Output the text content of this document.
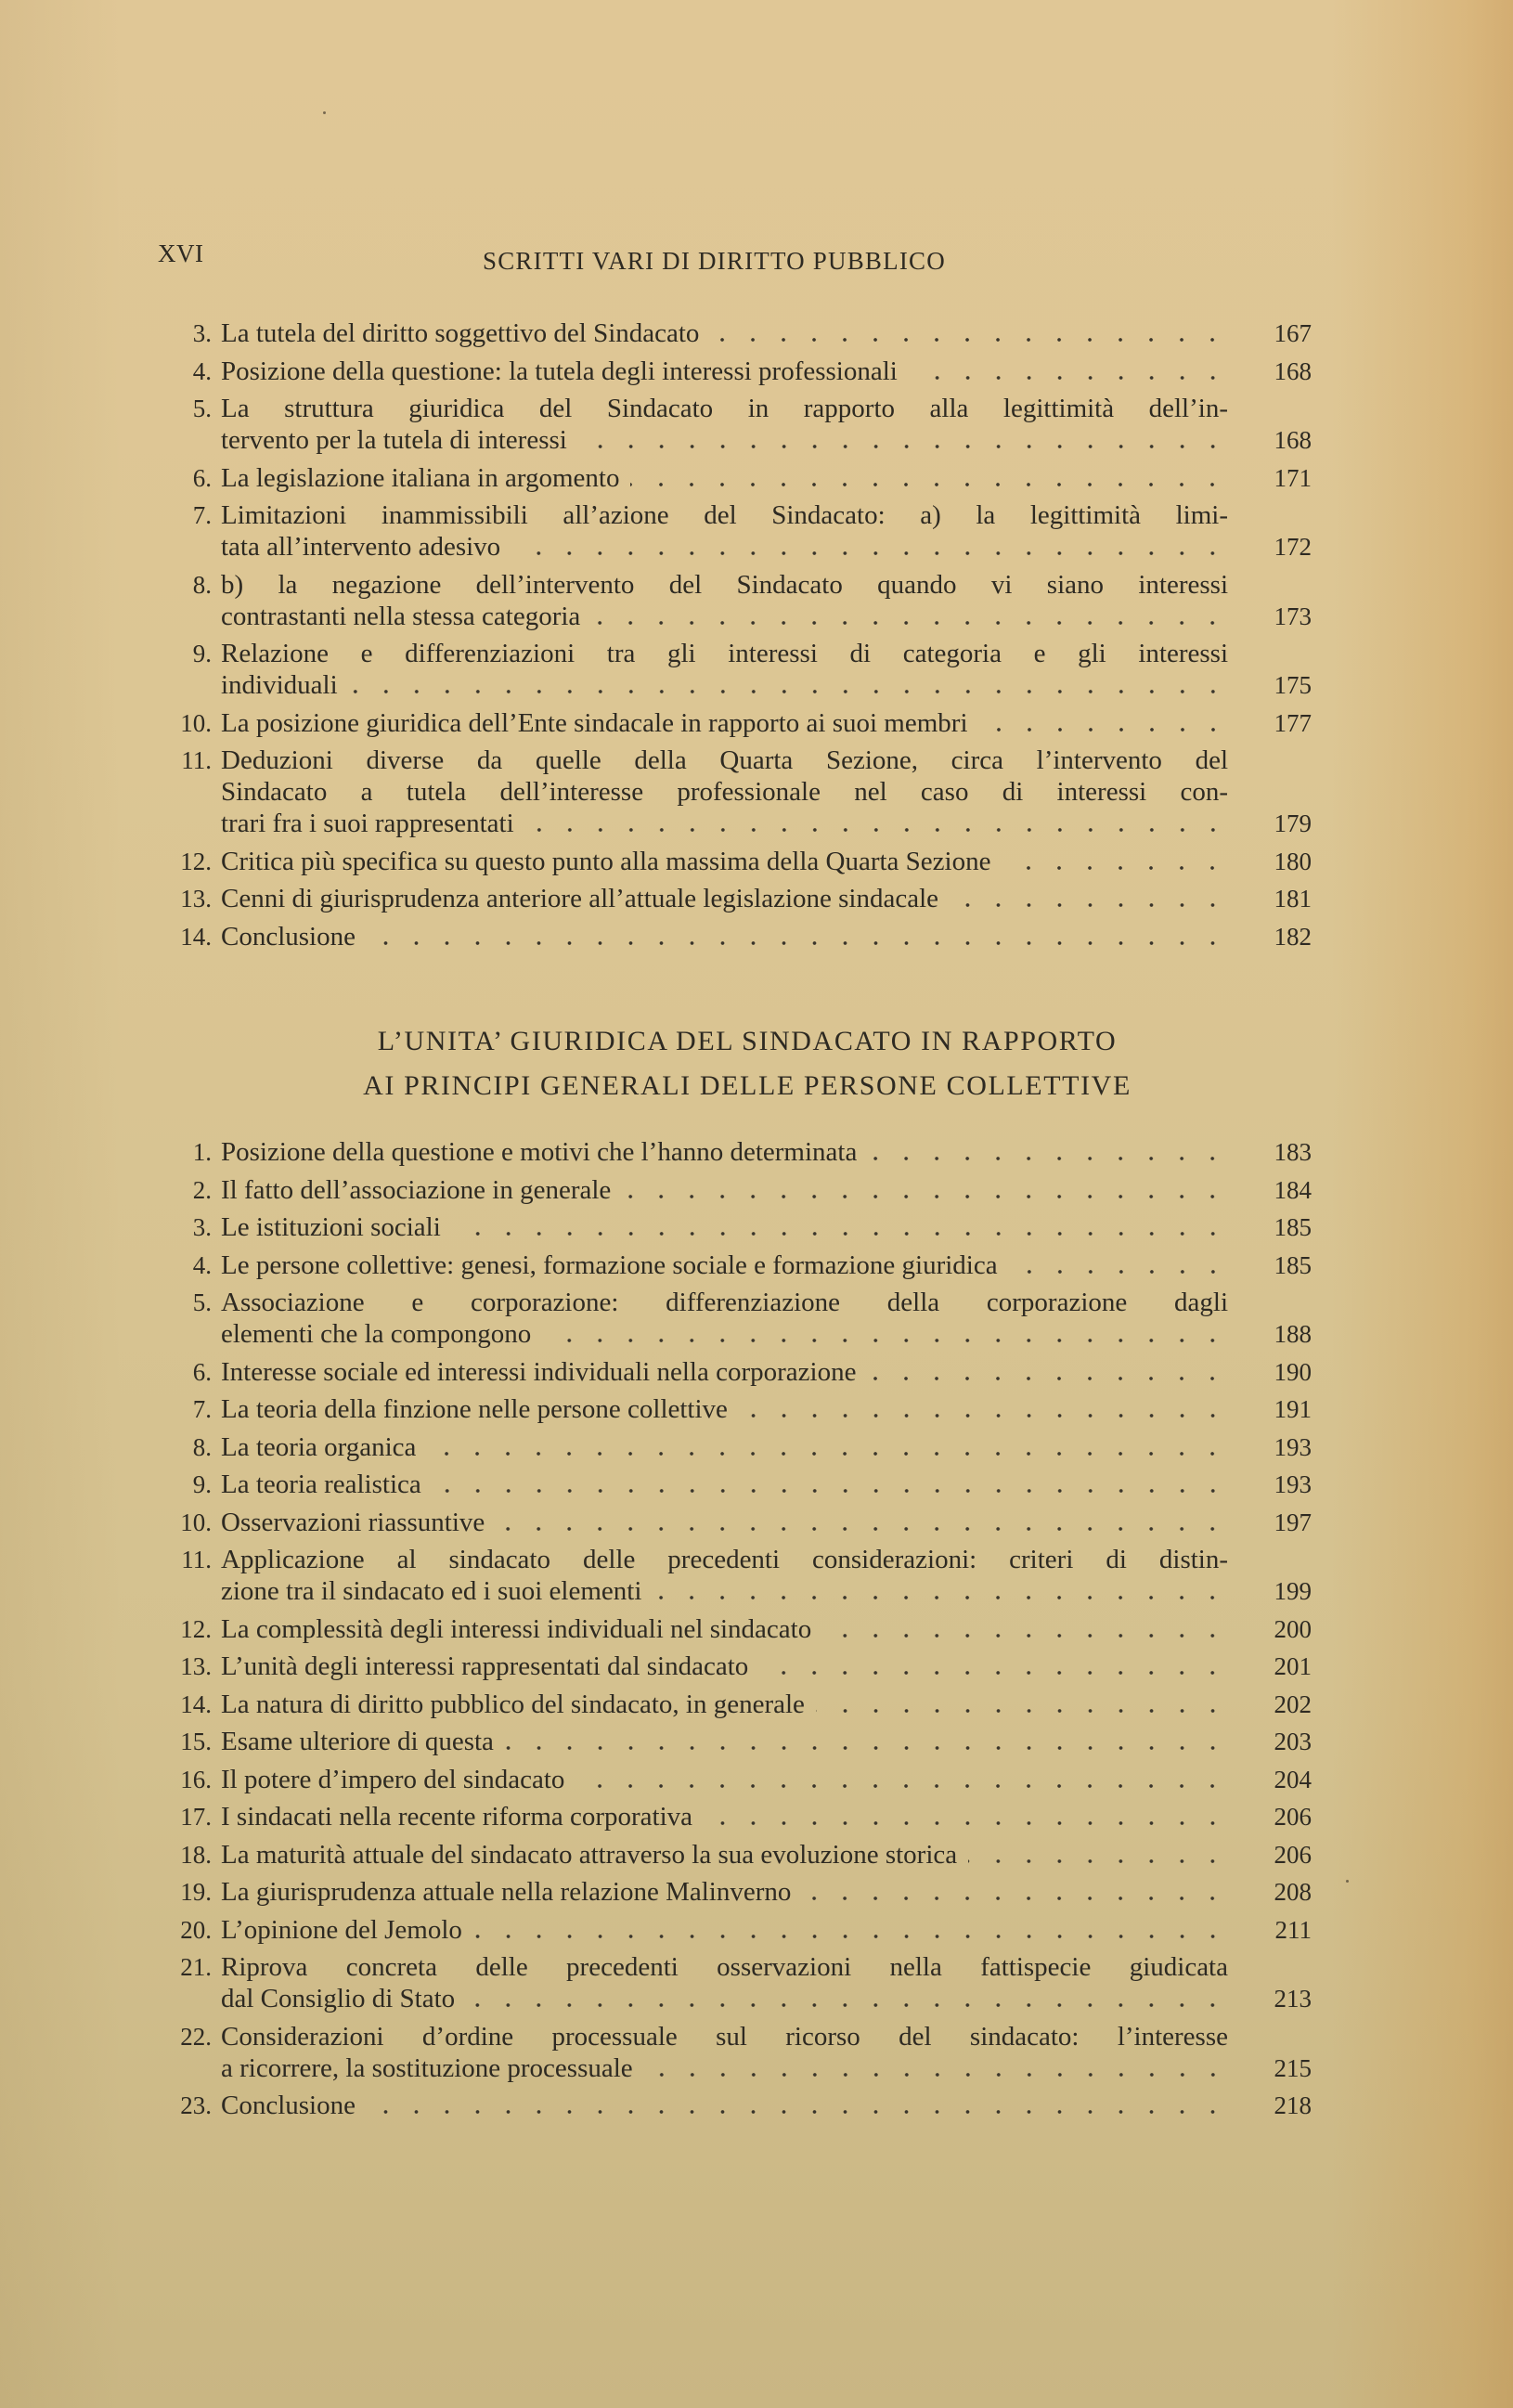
XVI	SCRITTI VARI DI DIRITTO PUBBLICO
3. La tutela del diritto soggettivo del Sindacato	167
4. Posizione della questione: la tutela degli interessi professionali	168
5. La struttura giuridica del Sindacato in rapporto alla legittimità dell’in-
tervento per la tutela di interessi	168
6. La legislazione italiana in argomento	171
7. Limitazioni inammissibili all’azione del Sindacato: a) la legittimità limi-
tata all’intervento adesivo	172
8. b) la negazione dell’intervento del Sindacato quando vi siano interessi
contrastanti nella stessa categoria	173
9. Relazione e differenziazioni tra gli interessi di categoria e gli interessi
individuali	175
10. La posizione giuridica dell’Ente sindacale in rapporto ai suoi membri	177
11. Deduzioni diverse da quelle della Quarta Sezione, circa l’intervento del
Sindacato a tutela dell’interesse professionale nel caso di interessi con-
trari fra i suoi rappresentati	179
12. Critica più specifica su questo punto alla massima della Quarta Sezione	180
13. Cenni di giurisprudenza anteriore all’attuale legislazione sindacale	181
14. Conclusione	182
L’UNITA’ GIURIDICA DEL SINDACATO IN RAPPORTO
AI PRINCIPI GENERALI DELLE PERSONE COLLETTIVE
1. Posizione della questione e motivi che l’hanno determinata	183
2. Il fatto dell’associazione in generale	184
3. Le istituzioni sociali	185
4. Le persone collettive: genesi, formazione sociale e formazione giuridica	185
5. Associazione e corporazione: differenziazione della corporazione dagli
elementi che la compongono	188
6. Interesse sociale ed interessi individuali nella corporazione	190
7. La teoria della finzione nelle persone collettive	191
8. La teoria organica	193
9. La teoria realistica	193
10. Osservazioni riassuntive	197
11. Applicazione al sindacato delle precedenti considerazioni: criteri di distin-
zione tra il sindacato ed i suoi elementi	199
12. La complessità degli interessi individuali nel sindacato	200
13. L’unità degli interessi rappresentati dal sindacato	201
14. La natura di diritto pubblico del sindacato, in generale	202
15. Esame ulteriore di questa	203
16. Il potere d’impero del sindacato	204
17. I sindacati nella recente riforma corporativa	206
18. La maturità attuale del sindacato attraverso la sua evoluzione storica	206
19. La giurisprudenza attuale nella relazione Malinverno	208
20. L’opinione del Jemolo	211
21. Riprova concreta delle precedenti osservazioni nella fattispecie giudicata
dal Consiglio di Stato	213
22. Considerazioni d’ordine processuale sul ricorso del sindacato: l’interesse
a ricorrere, la sostituzione processuale	215
23. Conclusione	218
